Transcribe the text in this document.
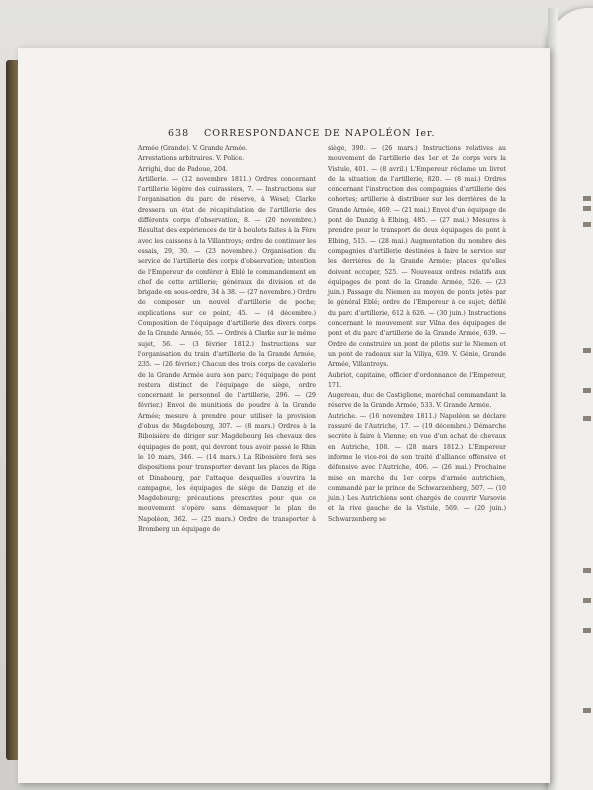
638 CORRESPONDANCE DE NAPOLÉON Ier.

Armée (Grande). V. Grande Armée.

Arrestations arbitraires. V. Police.

Arrighi, duc de Padoue, 204.

Artillerie. — (12 novembre 1811.) Ordres concernant l'artillerie légère des cuirassiers, 7. — Instructions sur l'organisation du parc de réserve, à Wesel; Clarke dressera un état de récapitulation de l'artillerie des différents corps d'observation, 8. — (20 novembre.) Résultat des expériences de tir à boulets faites à la Fère avec les caissons à la Villantroys; ordre de continuer les essais, 29, 30. — (23 novembre.) Organisation du service de l'artillerie des corps d'observation; intention de l'Empereur de conférer à Eblé le commandement en chef de cette artillerie; généraux de division et de brigade en sous-ordre, 34 à 38. — (27 novembre.) Ordre de composer un nouvel d'artillerie de poche; explications sur ce point, 45. — (4 décembre.) Composition de l'équipage d'artillerie des divers corps de la Grande Armée, 55. — Ordres à Clarke sur le même sujet, 56. — (3 février 1812.) Instructions sur l'organisation du train d'artillerie de la Grande Armée, 235. — (26 février.) Chacun des trois corps de cavalerie de la Grande Armée aura son parc; l'équipage de pont restera distinct de l'équipage de siège, ordre concernant le personnel de l'artillerie, 296. — (29 février.) Envoi de munitions de poudre à la Grande Armée; mesure à prendre pour utiliser la provision d'obus de Magdebourg, 307. — (8 mars.) Ordres à la Riboisière de diriger sur Magdebourg les chevaux des équipages de pont, qui devront tous avoir passé le Rhin le 10 mars, 346. — (14 mars.) La Riboisière fera ses dispositions pour transporter devant les places de Riga et Dinabourg, par l'attaque desquelles s'ouvrira la campagne, les équipages de siège de Danzig et de Magdebourg; précautions prescrites pour que ce mouvement s'opère sans démasquer le plan de Napoléon, 362. — (25 mars.) Ordre de transporter à Bromberg un équipage de

siège, 390. — (26 mars.) Instructions relatives au mouvement de l'artillerie des 1er et 2e corps vers la Vistule, 401. — (8 avril.) L'Empereur réclame un livret de la situation de l'artillerie, 820. — (8 mai.) Ordres concernant l'instruction des compagnies d'artillerie des cohortes; artillerie à distribuer sur les derrières de la Grande Armée, 469. — (21 mai.) Envoi d'un équipage de pont de Danzig à Elbing, 485. — (27 mai.) Mesures à prendre pour le transport de deux équipages de pont à Elbing, 515. — (28 mai.) Augmentation du nombre des compagnies d'artillerie destinées à faire le service sur les derrières de la Grande Armée; places qu'elles doivent occuper, 525. — Nouveaux ordres relatifs aux équipages de pont de la Grande Armée, 526. — (23 juin.) Passage du Niemen au moyen de ponts jetés par le général Eblé; ordre de l'Empereur à ce sujet; défilé du parc d'artillerie, 612 à 626. — (30 juin.) Instructions concernant le mouvement sur Vilna des équipages de pont et du parc d'artillerie de la Grande Armée, 639. — Ordre de construire un pont de pilotis sur le Niemen et un pont de radeaux sur la Viliya, 639. V. Génie, Grande Armée, Villantroys.

Aubriot, capitaine, officier d'ordonnance de l'Empereur, 171.

Augereau, duc de Castiglione, maréchal commandant la réserve de la Grande Armée, 533. V. Grande Armée.

Autriche. — (16 novembre 1811.) Napoléon se déclare rassuré de l'Autriche, 17. — (19 décembre.) Démarche secrète à faire à Vienne; en vue d'un achat de chevaux en Autriche, 108. — (28 mars 1812.) L'Empereur informe le vice-roi de son traité d'alliance offensive et défensive avec l'Autriche, 406. — (26 mai.) Prochaine mise en marche du 1er corps d'armée autrichien, commandé par le prince de Schwarzenberg, 507. — (10 juin.) Les Autrichiens sont chargés de couvrir Varsovie et la rive gauche de la Vistule, 569. — (20 juin.) Schwarzenberg se
